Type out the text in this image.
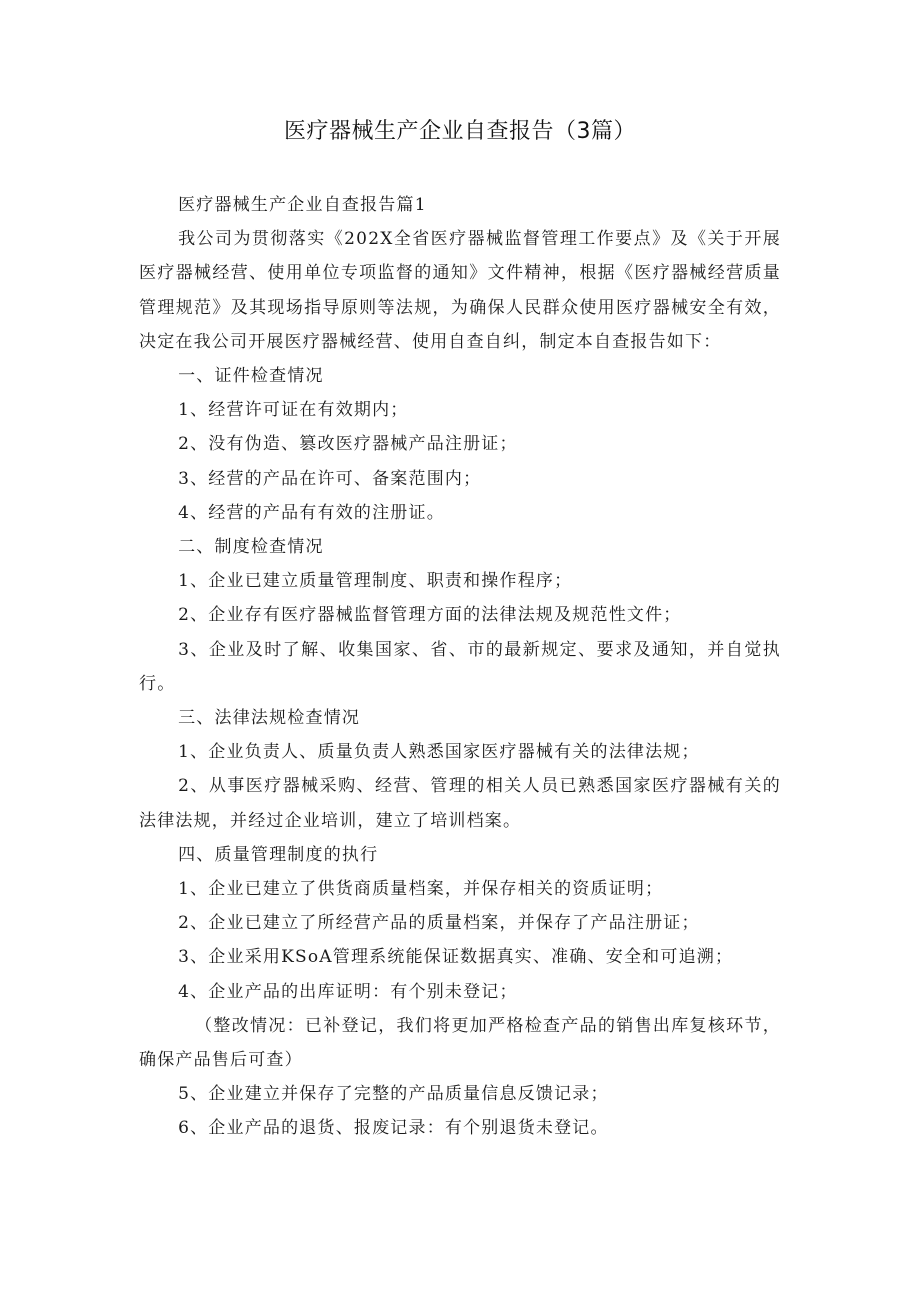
医疗器械生产企业自查报告（3篇）

医疗器械生产企业自查报告篇1

我公司为贯彻落实《202X全省医疗器械监督管理工作要点》及《关于开展医疗器械经营、使用单位专项监督的通知》文件精神，根据《医疗器械经营质量管理规范》及其现场指导原则等法规，为确保人民群众使用医疗器械安全有效，决定在我公司开展医疗器械经营、使用自查自纠，制定本自查报告如下：

一、证件检查情况

1、经营许可证在有效期内；

2、没有伪造、篡改医疗器械产品注册证；

3、经营的产品在许可、备案范围内；

4、经营的产品有有效的注册证。

二、制度检查情况

1、企业已建立质量管理制度、职责和操作程序；

2、企业存有医疗器械监督管理方面的法律法规及规范性文件；

3、企业及时了解、收集国家、省、市的最新规定、要求及通知，并自觉执行。

三、法律法规检查情况

1、企业负责人、质量负责人熟悉国家医疗器械有关的法律法规；

2、从事医疗器械采购、经营、管理的相关人员已熟悉国家医疗器械有关的法律法规，并经过企业培训，建立了培训档案。

四、质量管理制度的执行

1、企业已建立了供货商质量档案，并保存相关的资质证明；

2、企业已建立了所经营产品的质量档案，并保存了产品注册证；

3、企业采用KSoA管理系统能保证数据真实、准确、安全和可追溯；

4、企业产品的出库证明：有个别未登记；

（整改情况：已补登记，我们将更加严格检查产品的销售出库复核环节，确保产品售后可查）

5、企业建立并保存了完整的产品质量信息反馈记录；

6、企业产品的退货、报废记录：有个别退货未登记。
